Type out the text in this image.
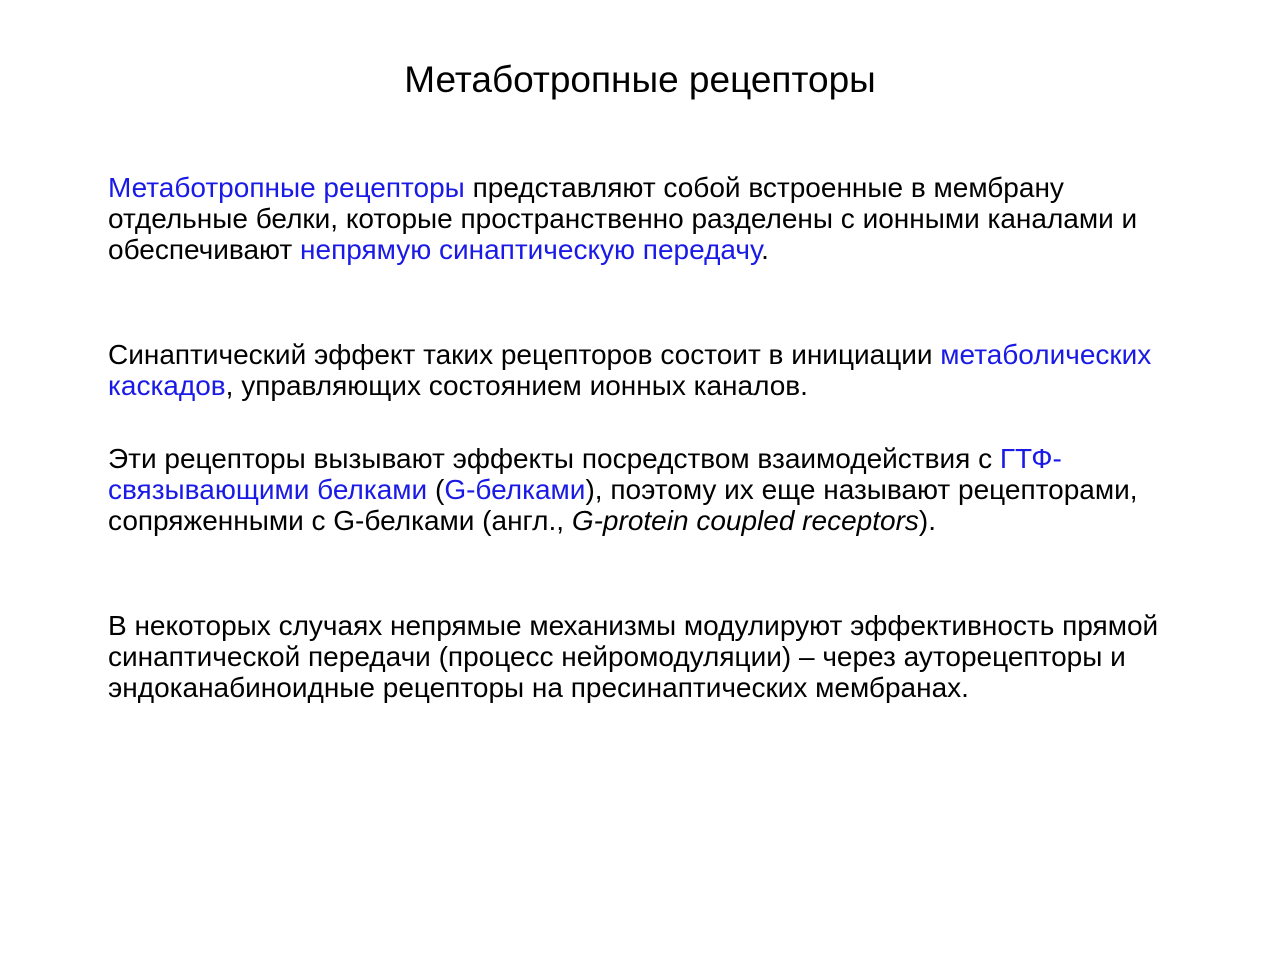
Метаботропные рецепторы

Метаботропные рецепторы представляют собой встроенные в мембрану отдельные белки, которые пространственно разделены с ионными каналами и обеспечивают непрямую синаптическую передачу.

Синаптический эффект таких рецепторов состоит в инициации метаболических каскадов, управляющих состоянием ионных каналов.

Эти рецепторы вызывают эффекты посредством взаимодействия с ГТФ-связывающими белками (G-белками), поэтому их еще называют рецепторами, сопряженными с G-белками (англ., G-protein coupled receptors).

В некоторых случаях непрямые механизмы модулируют эффективность прямой синаптической передачи (процесс нейромодуляции) – через ауторецепторы и эндоканабиноидные рецепторы на пресинаптических мембранах.
